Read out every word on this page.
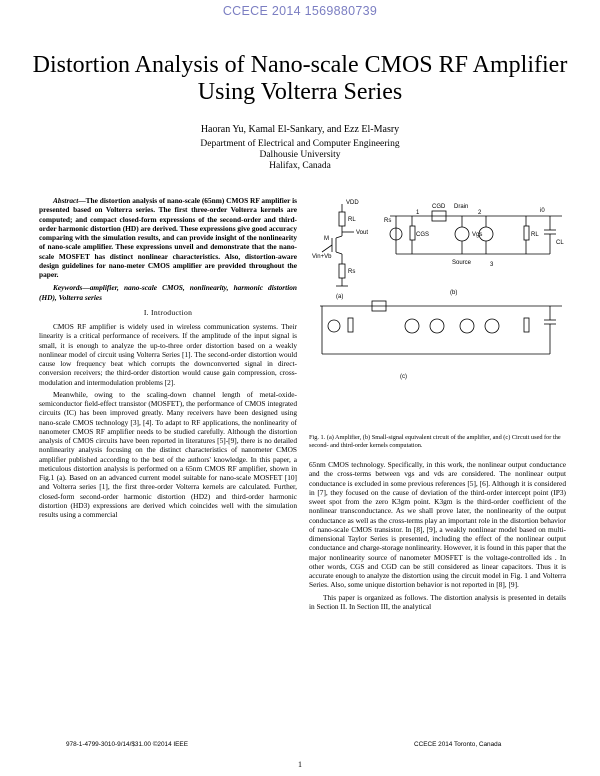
CCECE 2014 1569880739
Distortion Analysis of Nano-scale CMOS RF Amplifier
Using Volterra Series
Haoran Yu, Kamal El-Sankary, and Ezz El-Masry
Department of Electrical and Computer Engineering
Dalhousie University
Halifax, Canada

Abstract—The distortion analysis of nano-scale (65nm) CMOS RF amplifier is presented based on Volterra series. The first three-order Volterra kernels are computed; and compact closed-form expressions of the second-order and third-order harmonic distortion (HD) are derived. These expressions give good accuracy comparing with the simulation results, and can provide insight of the nonlinearity of nano-scale amplifier. These expressions unveil and demonstrate that the nano-scale MOSFET has distinct nonlinear characteristics. Also, distortion-aware design guidelines for nano-meter CMOS amplifier are provided throughout the paper.

Keywords—amplifier, nano-scale CMOS, nonlinearity, harmonic distortion (HD), Volterra series

I. Introduction

CMOS RF amplifier is widely used in wireless communication systems. Their linearity is a critical performance of receivers. If the amplitude of the input signal is small, it is enough to analyze the up-to-three order distortion based on a weakly nonlinear model of circuit using Volterra Series [1]. The second-order distortion would cause low frequency beat which corrupts the downconverted signal in direct-conversion receivers; the third-order distortion would cause gain compression, cross-modulation and intermodulation problems [2].

Meanwhile, owing to the scaling-down channel length of metal-oxide-semiconductor field-effect transistor (MOSFET), the performance of CMOS integrated circuits (IC) has been improved greatly. Many receivers have been designed using nano-scale CMOS technology [3], [4]. To adapt to RF applications, the nonlinearity of nanometer CMOS RF amplifier needs to be studied carefully. Although the distortion analysis of CMOS circuits have been reported in literatures [5]-[9], there is no detailed nonlinearity analysis focusing on the distinct characteristics of nanometer CMOS amplifier published according to the best of the authors' knowledge. In this paper, a meticulous distortion analysis is performed on a 65nm CMOS RF amplifier, shown in Fig.1 (a). Based on an advanced current model suitable for nano-scale MOSFET [10] and Volterra series [1], the first three-order Volterra kernels are calculated. Further, closed-form second-order harmonic distortion (HD2) and third-order harmonic distortion (HD3) expressions are derived which coincides well with the simulation results using a commercial

VDD
RL
Vout
M
Rs
Vin+Vb
(a)
CGD Drain
CGS
Rs
Vgs
i0
RL
CL
Source
1	2
3
(b)
(c)
Fig. 1. (a) Amplifier, (b) Small-signal equivalent circuit of the amplifier, and (c) Circuit used for the second- and third-order kernels computation.

65nm CMOS technology. Specifically, in this work, the nonlinear output conductance and the cross-terms between vgs and vds are considered. The nonlinear output conductance is excluded in some previous references [5], [6]. Although it is considered in [7], they focused on the cause of deviation of the third-order intercept point (IP3) sweet spot from the zero K3gm point. K3gm is the third-order coefficient of the nonlinear transconductance. As we shall prove later, the nonlinearity of the output conductance as well as the cross-terms play an important role in the distortion behavior of nano-scale CMOS transistor. In [8], [9], a weakly nonlinear model based on multi-dimensional Taylor Series is presented, including the effect of the nonlinear output conductance and charge-storage nonlinearity. However, it is found in this paper that the major nonlinearity source of nanometer MOSFET is the voltage-controlled ids . In other words, CGS and CGD can be still considered as linear capacitors. Thus it is accurate enough to analyze the distortion using the circuit model in Fig. 1 and Volterra Series. Also, some unique distortion behavior is not reported in [8], [9].

This paper is organized as follows. The distortion analysis is presented in details in Section II. In Section III, the analytical

978-1-4799-3010-9/14/$31.00 ©2014 IEEE	CCECE 2014 Toronto, Canada
1
